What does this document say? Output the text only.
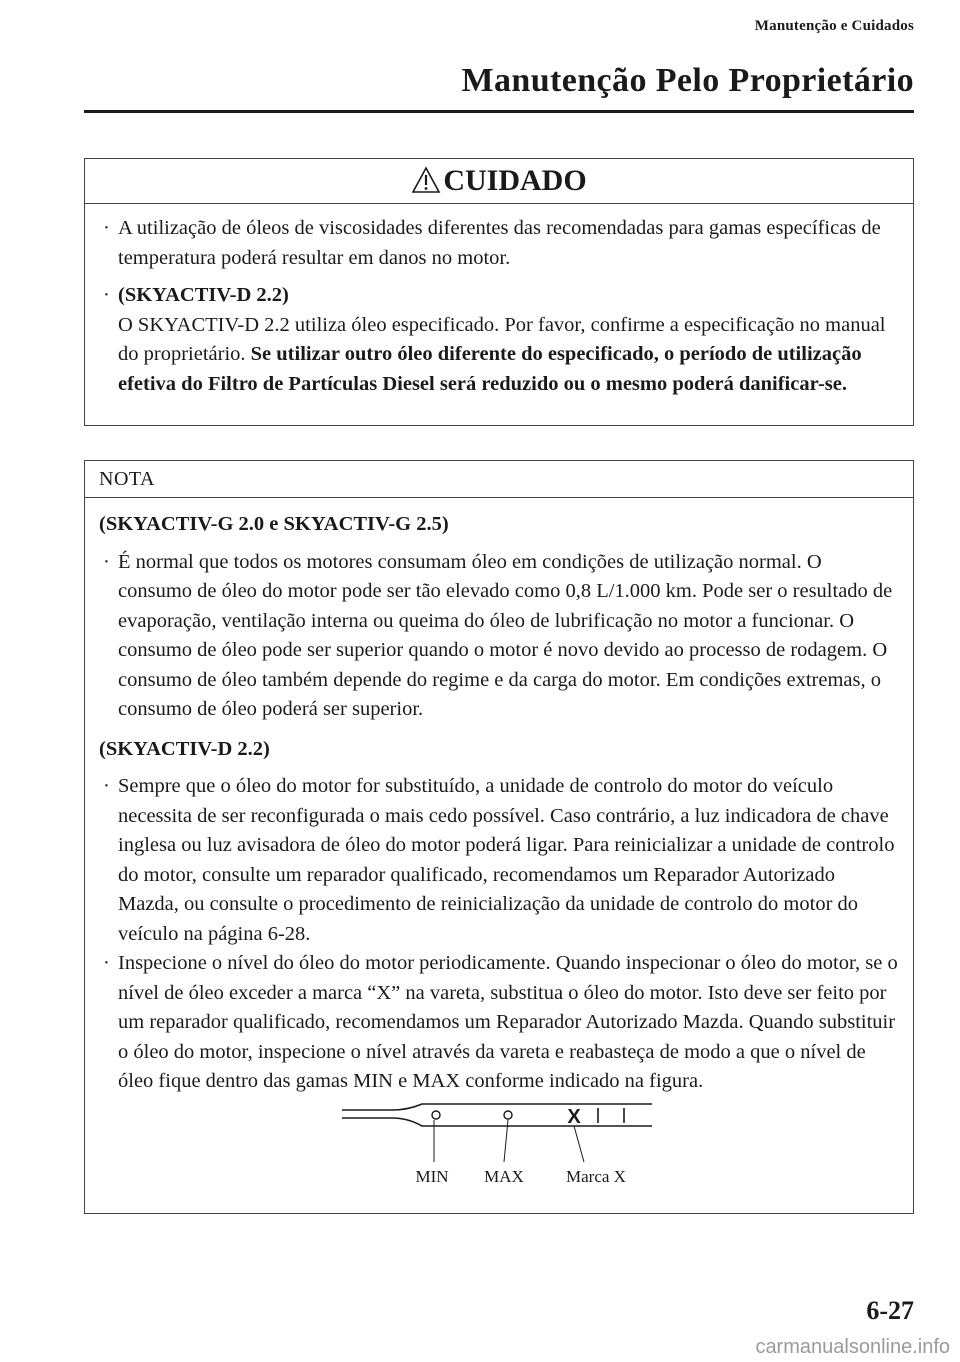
Manutenção e Cuidados
Manutenção Pelo Proprietário
CUIDADO
· A utilização de óleos de viscosidades diferentes das recomendadas para gamas específicas de temperatura poderá resultar em danos no motor.
· (SKYACTIV-D 2.2)
O SKYACTIV-D 2.2 utiliza óleo especificado. Por favor, confirme a especificação no manual do proprietário. Se utilizar outro óleo diferente do especificado, o período de utilização efetiva do Filtro de Partículas Diesel será reduzido ou o mesmo poderá danificar-se.
NOTA
(SKYACTIV-G 2.0 e SKYACTIV-G 2.5)
· É normal que todos os motores consumam óleo em condições de utilização normal. O consumo de óleo do motor pode ser tão elevado como 0,8 L/1.000 km. Pode ser o resultado de evaporação, ventilação interna ou queima do óleo de lubrificação no motor a funcionar. O consumo de óleo pode ser superior quando o motor é novo devido ao processo de rodagem. O consumo de óleo também depende do regime e da carga do motor. Em condições extremas, o consumo de óleo poderá ser superior.
(SKYACTIV-D 2.2)
· Sempre que o óleo do motor for substituído, a unidade de controlo do motor do veículo necessita de ser reconfigurada o mais cedo possível. Caso contrário, a luz indicadora de chave inglesa ou luz avisadora de óleo do motor poderá ligar. Para reinicializar a unidade de controlo do motor, consulte um reparador qualificado, recomendamos um Reparador Autorizado Mazda, ou consulte o procedimento de reinicialização da unidade de controlo do motor do veículo na página 6-28.
· Inspecione o nível do óleo do motor periodicamente. Quando inspecionar o óleo do motor, se o nível de óleo exceder a marca “X” na vareta, substitua o óleo do motor. Isto deve ser feito por um reparador qualificado, recomendamos um Reparador Autorizado Mazda. Quando substituir o óleo do motor, inspecione o nível através da vareta e reabasteça de modo a que o nível de óleo fique dentro das gamas MIN e MAX conforme indicado na figura.
X
MIN MAX Marca X
6-27
carmanualsonline.info
